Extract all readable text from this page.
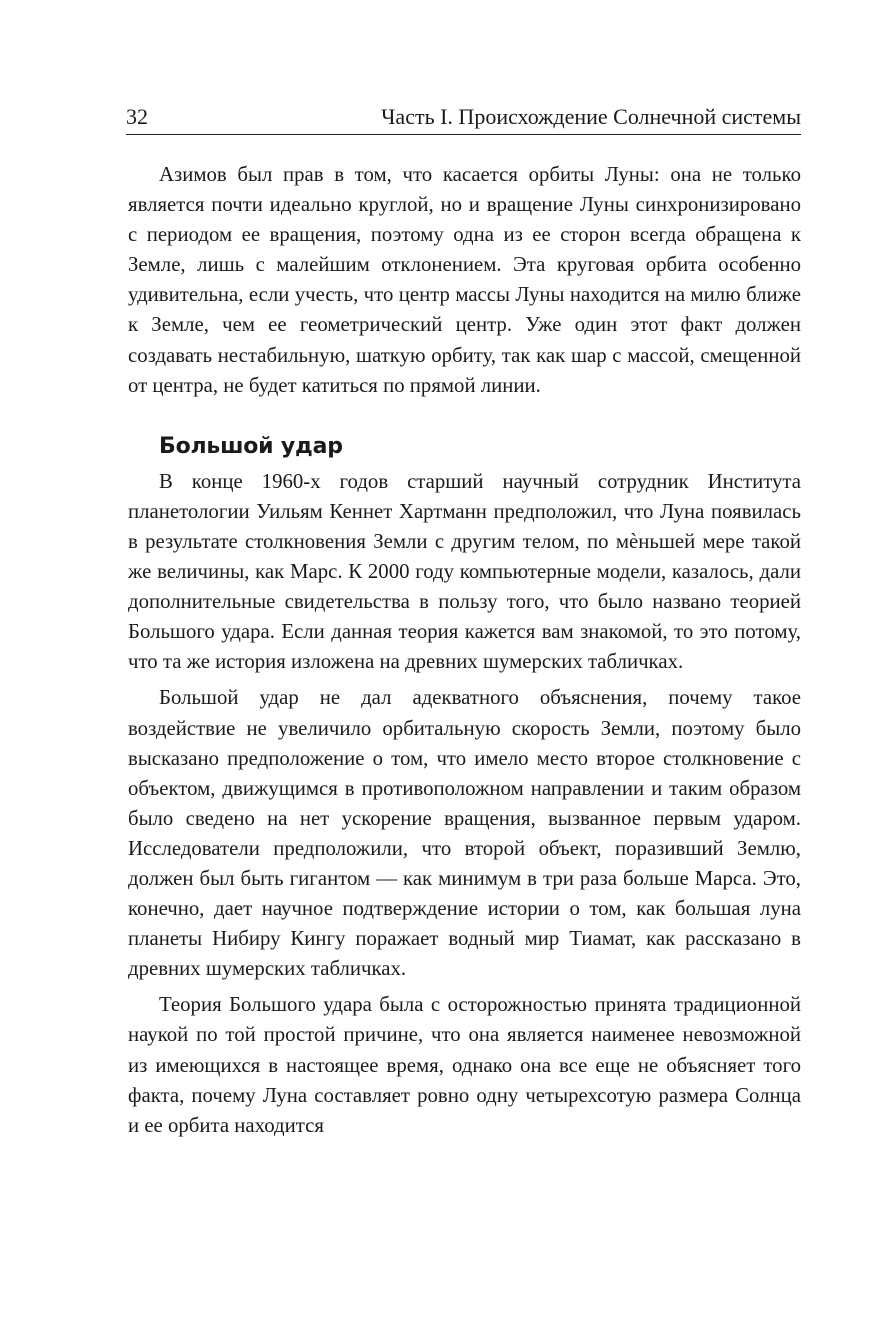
32	Часть I. Происхождение Солнечной системы

Азимов был прав в том, что касается орбиты Луны: она не только является почти идеально круглой, но и вращение Луны синхронизировано с периодом ее вращения, поэтому одна из ее сторон всегда обращена к Земле, лишь с малейшим отклонением. Эта круговая орбита особенно удивительна, если учесть, что центр массы Луны находится на милю ближе к Земле, чем ее геометрический центр. Уже один этот факт должен создавать нестабильную, шаткую орбиту, так как шар с массой, смещенной от центра, не будет катиться по прямой линии.

Большой удар

В конце 1960-х годов старший научный сотрудник Института планетологии Уильям Кеннет Хартманн предположил, что Луна появилась в результате столкновения Земли с другим телом, по мѐньшей мере такой же величины, как Марс. К 2000 году компьютерные модели, казалось, дали дополнительные свидетельства в пользу того, что было названо теорией Большого удара. Если данная теория кажется вам знакомой, то это потому, что та же история изложена на древних шумерских табличках.

Большой удар не дал адекватного объяснения, почему такое воздействие не увеличило орбитальную скорость Земли, поэтому было высказано предположение о том, что имело место второе столкновение с объектом, движущимся в противоположном направлении и таким образом было сведено на нет ускорение вращения, вызванное первым ударом. Исследователи предположили, что второй объект, поразивший Землю, должен был быть гигантом — как минимум в три раза больше Марса. Это, конечно, дает научное подтверждение истории о том, как большая луна планеты Нибиру Кингу поражает водный мир Тиамат, как рассказано в древних шумерских табличках.

Теория Большого удара была с осторожностью принята традиционной наукой по той простой причине, что она является наименее невозможной из имеющихся в настоящее время, однако она все еще не объясняет того факта, почему Луна составляет ровно одну четырехсотую размера Солнца и ее орбита находится
